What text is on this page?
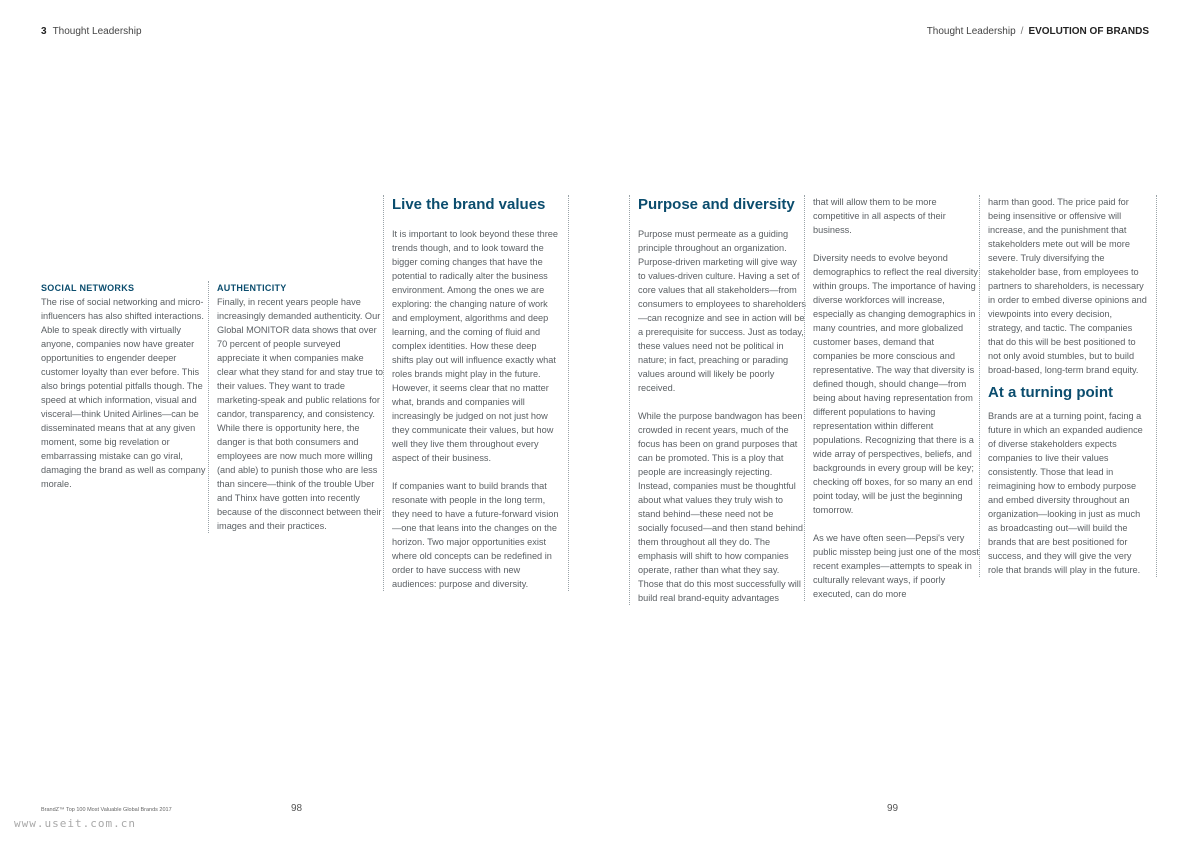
3 Thought Leadership	Thought Leadership / EVOLUTION OF BRANDS
SOCIAL NETWORKS

The rise of social networking and micro-influencers has also shifted interactions. Able to speak directly with virtually anyone, companies now have greater opportunities to engender deeper customer loyalty than ever before. This also brings potential pitfalls though. The speed at which information, visual and visceral—think United Airlines—can be disseminated means that at any given moment, some big revelation or embarrassing mistake can go viral, damaging the brand as well as company morale.

AUTHENTICITY

Finally, in recent years people have increasingly demanded authenticity. Our Global MONITOR data shows that over 70 percent of people surveyed appreciate it when companies make clear what they stand for and stay true to their values. They want to trade marketing-speak and public relations for candor, transparency, and consistency. While there is opportunity here, the danger is that both consumers and employees are now much more willing (and able) to punish those who are less than sincere—think of the trouble Uber and Thinx have gotten into recently because of the disconnect between their images and their practices.

Live the brand values

It is important to look beyond these three trends though, and to look toward the bigger coming changes that have the potential to radically alter the business environment. Among the ones we are exploring: the changing nature of work and employment, algorithms and deep learning, and the coming of fluid and complex identities. How these deep shifts play out will influence exactly what roles brands might play in the future. However, it seems clear that no matter what, brands and companies will increasingly be judged on not just how they communicate their values, but how well they live them throughout every aspect of their business.

If companies want to build brands that resonate with people in the long term, they need to have a future-forward vision—one that leans into the changes on the horizon. Two major opportunities exist where old concepts can be redefined in order to have success with new audiences: purpose and diversity.

Purpose and diversity

Purpose must permeate as a guiding principle throughout an organization. Purpose-driven marketing will give way to values-driven culture. Having a set of core values that all stakeholders—from consumers to employees to shareholders—can recognize and see in action will be a prerequisite for success. Just as today, these values need not be political in nature; in fact, preaching or parading values around will likely be poorly received.

While the purpose bandwagon has been crowded in recent years, much of the focus has been on grand purposes that can be promoted. This is a ploy that people are increasingly rejecting. Instead, companies must be thoughtful about what values they truly wish to stand behind—these need not be socially focused—and then stand behind them throughout all they do. The emphasis will shift to how companies operate, rather than what they say. Those that do this most successfully will build real brand-equity advantages

that will allow them to be more competitive in all aspects of their business.

Diversity needs to evolve beyond demographics to reflect the real diversity within groups. The importance of having diverse workforces will increase, especially as changing demographics in many countries, and more globalized customer bases, demand that companies be more conscious and representative. The way that diversity is defined though, should change—from being about having representation from different populations to having representation within different populations. Recognizing that there is a wide array of perspectives, beliefs, and backgrounds in every group will be key; checking off boxes, for so many an end point today, will be just the beginning tomorrow.

As we have often seen—Pepsi's very public misstep being just one of the most recent examples—attempts to speak in culturally relevant ways, if poorly executed, can do more

harm than good. The price paid for being insensitive or offensive will increase, and the punishment that stakeholders mete out will be more severe. Truly diversifying the stakeholder base, from employees to partners to shareholders, is necessary in order to embed diverse opinions and viewpoints into every decision, strategy, and tactic. The companies that do this will be best positioned to not only avoid stumbles, but to build broad-based, long-term brand equity.

At a turning point

Brands are at a turning point, facing a future in which an expanded audience of diverse stakeholders expects companies to live their values consistently. Those that lead in reimagining how to embody purpose and embed diversity throughout an organization—looking in just as much as broadcasting out—will build the brands that are best positioned for success, and they will give the very role that brands will play in the future.

BrandZ™ Top 100 Most Valuable Global Brands 2017	98	99
www.useit.com.cn
